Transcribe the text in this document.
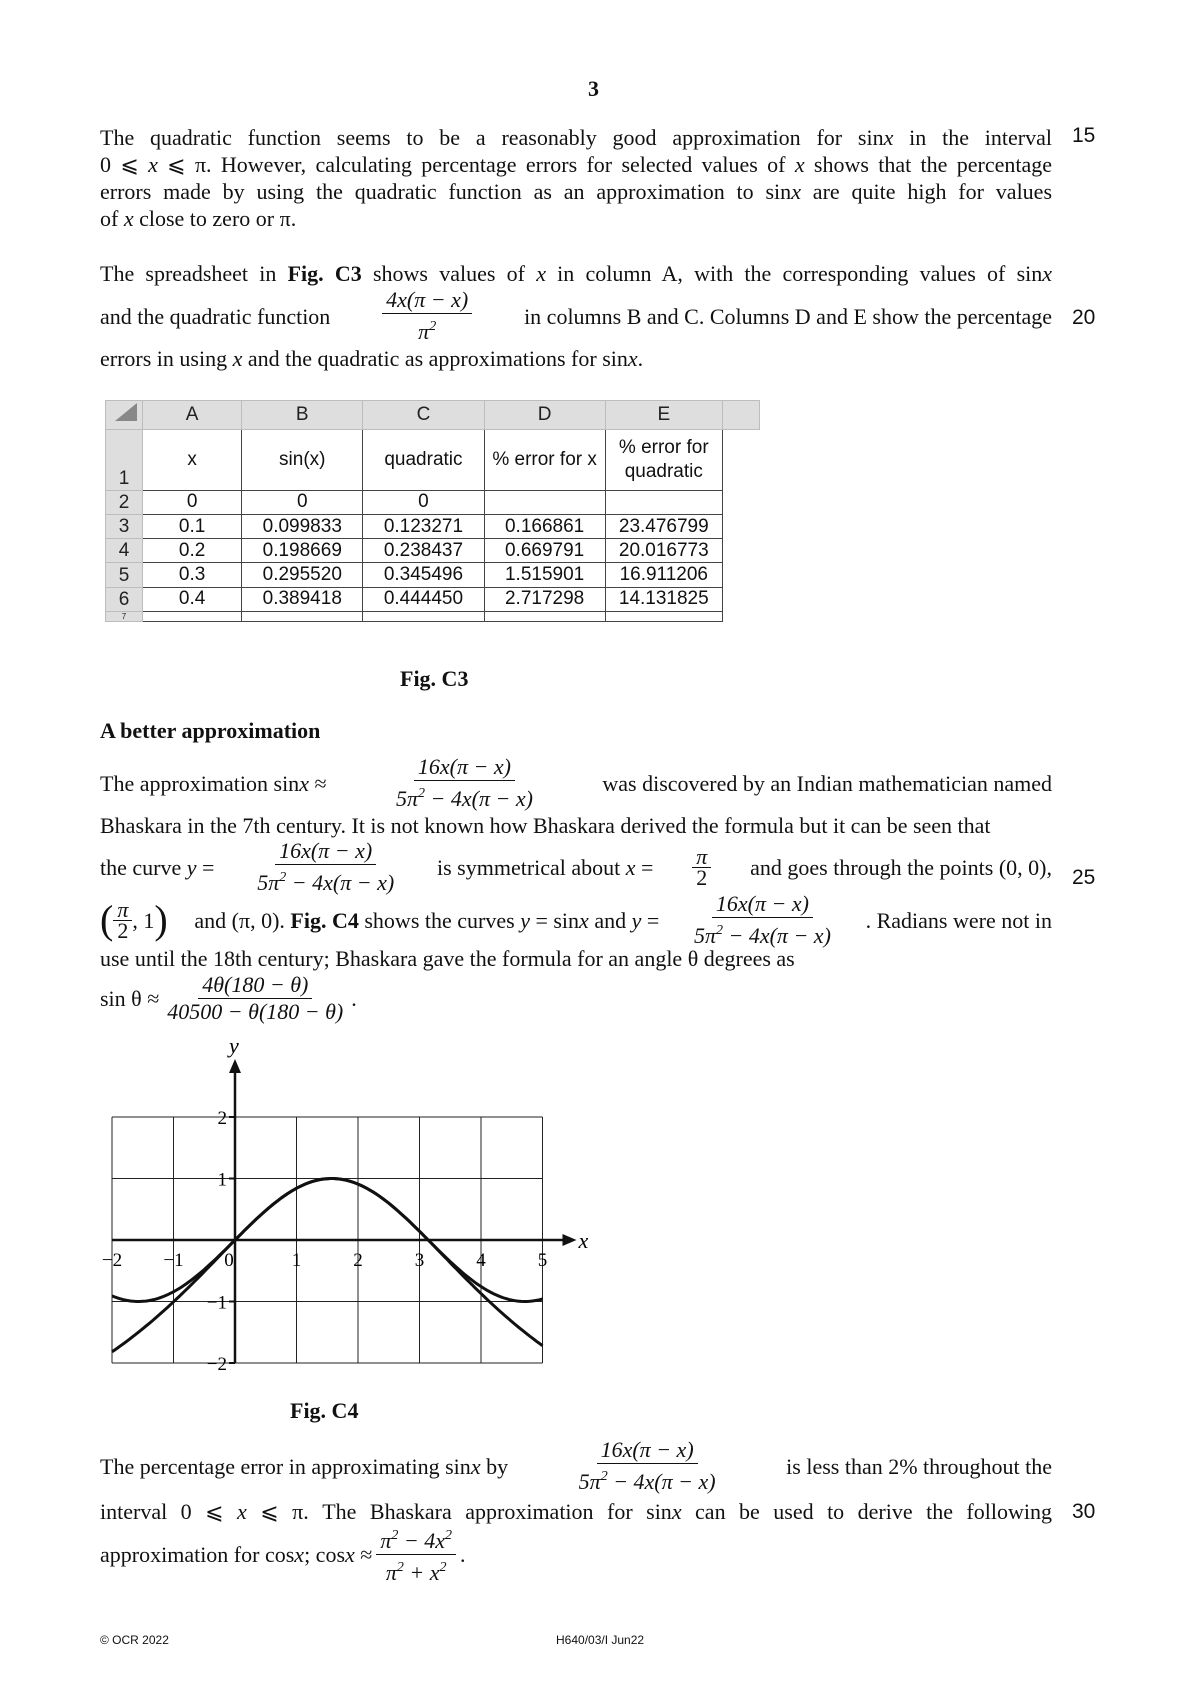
3
15
20
25
30
The quadratic function seems to be a reasonably good approximation for sinx in the interval
0 ⩽ x ⩽ π. However, calculating percentage errors for selected values of x shows that the percentage
errors made by using the quadratic function as an approximation to sinx are quite high for values
of x close to zero or π.
The spreadsheet in Fig. C3 shows values of x in column A, with the corresponding values of sinx
and the quadratic function $\frac{4x(\pi - x)}{\pi^2}$ in columns B and C. Columns D and E show the percentage
errors in using x and the quadratic as approximations for sinx.
	A	B	C	D	E	
1	x	sin(x)	quadratic	% error for x	% error for
quadratic	

2	0	0	0			
3	0.1	0.099833	0.123271	0.166861	23.476799	
4	0.2	0.198669	0.238437	0.669791	20.016773	
5	0.3	0.295520	0.345496	1.515901	16.911206	
6	0.4	0.389418	0.444450	2.717298	14.131825	
7						
Fig. C3
A better approximation
The approximation sinx ≈	$\frac{16x(\pi - x)}{5\pi^2 - 4x(\pi - x)}$	was discovered by an Indian mathematician named
Bhaskara in the 7th century. It is not known how Bhaskara derived the formula but it can be seen that
the curve $y = \frac{16x(\pi - x)}{5\pi^2 - 4x(\pi - x)}$ is symmetrical about $x = \frac{\pi}{2}$ and goes through the points (0, 0),
( $\frac{\pi}{2}$ , 1 ) and (π, 0). Fig. C4 shows the curves y = sinx and $y = \frac{16x(\pi - x)}{5\pi^2 - 4x(\pi - x)}$ . Radians were not in
use until the 18th century; Bhaskara gave the formula for an angle θ degrees as
$\sin \theta \approx \frac{4\theta(180 - \theta)}{40500 - \theta(180 - \theta)}$ .
x
y
−2 −1 0	1	2	3	4	5
2
1
−1
−2
Fig. C4
The percentage error in approximating sinx by	$\frac{16x(\pi - x)}{5\pi^2 - 4x(\pi - x)}$	is less than 2% throughout the
interval 0 ⩽ x ⩽ π. The Bhaskara approximation for sinx can be used to derive the following
approximation for cosx; $\cos x \approx \frac{\pi^2 - 4x^2}{\pi^2 + x^2}$ .
© OCR 2022	H640/03/I Jun22
